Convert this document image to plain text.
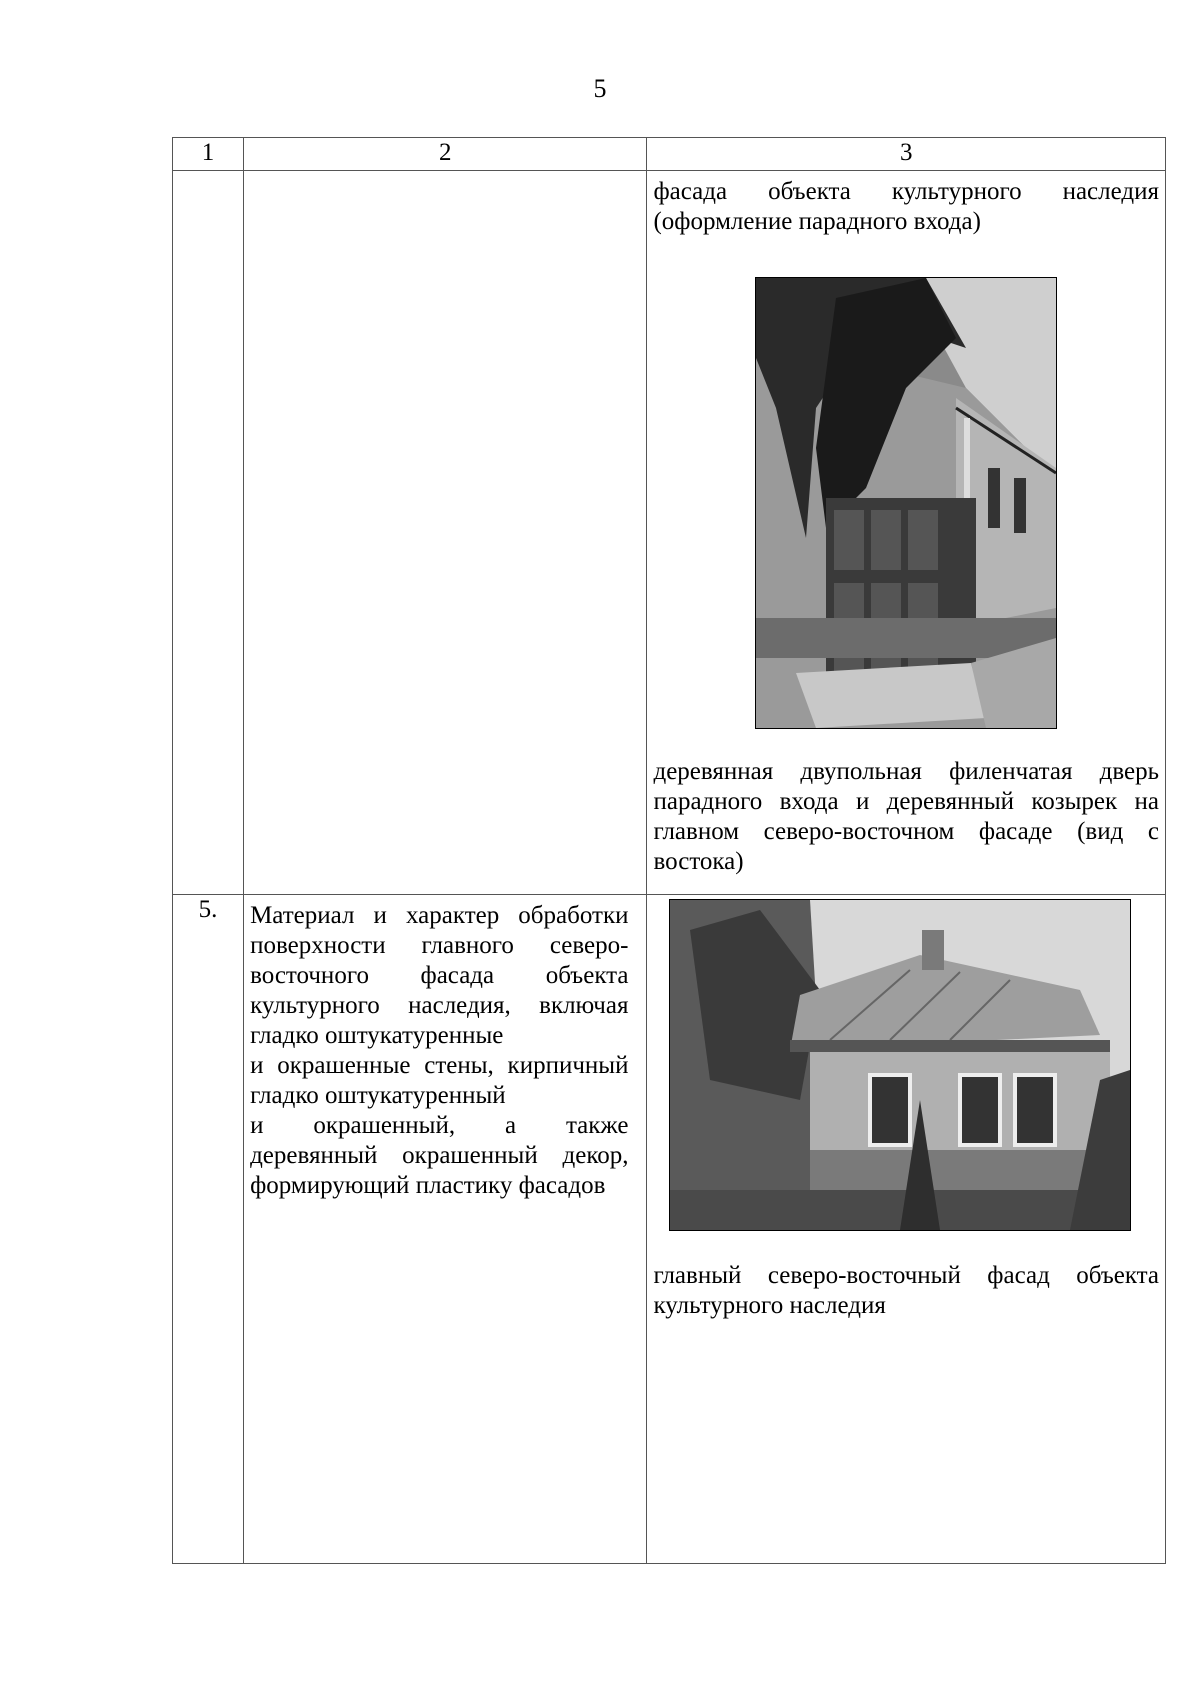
5
1	2	3

		фасада объекта культурного наследия (оформление парадного входа)
деревянная двупольная филенчатая дверь парадного входа и деревянный козырек на главном северо-восточном фасаде (вид с востока)

5.	Материал и характер обработки поверхности главного северо-восточного фасада объекта культурного наследия, включая гладко оштукатуренные
и окрашенные стены, кирпичный гладко оштукатуренный
и окрашенный, а также деревянный окрашенный декор, формирующий пластику фасадов	главный северо-восточный фасад объекта культурного наследия
